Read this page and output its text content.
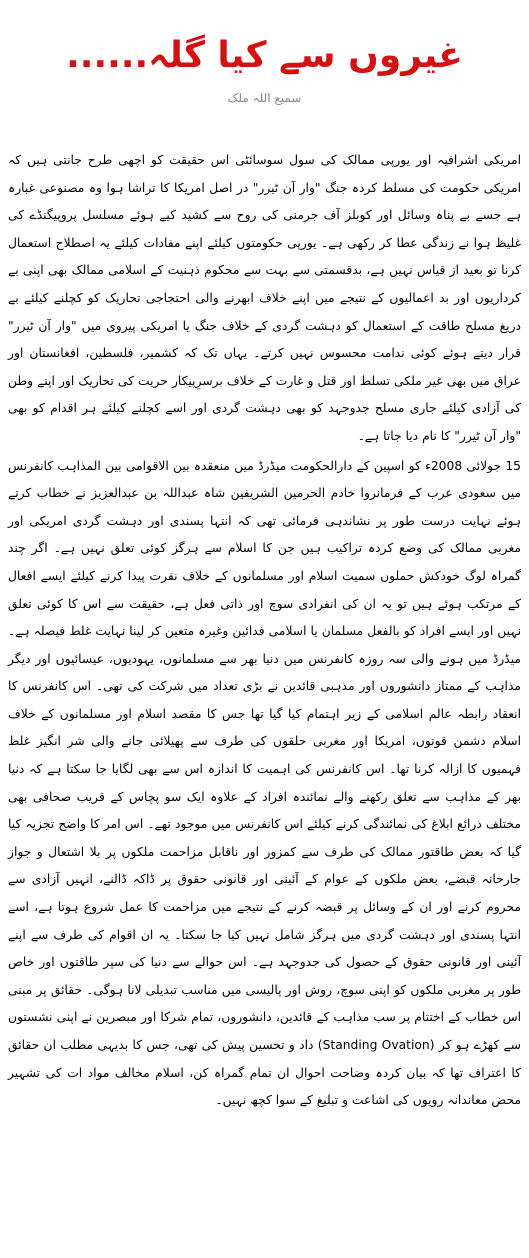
غیروں سے کیا گلہ......
سمیع اللہ ملک

امریکی اشرافیہ اور یورپی ممالک کی سول سوسائٹی اس حقیقت کو اچھی طرح جانتی ہیں کہ امریکی حکومت کی مسلط کردہ جنگ "وار آن ٹیرر" در اصل امریکا کا تراشا ہوا وہ مصنوعی غبارہ ہے جسے بے پناہ وسائل اور کوبلز آف جرمنی کی روح سے کشید کیے ہوئے مسلسل پروپیگنڈے کی غلیظ ہوا نے زندگی عطا کر رکھی ہے۔ یورپی حکومتوں کیلئے اپنے مفادات کیلئے یہ اصطلاح استعمال کرنا تو بعید از قیاس نہیں ہے، بدقسمتی سے بہت سے محکوم ذہنیت کے اسلامی ممالک بھی اپنی بے کرداریوں اور بد اعمالیوں کے نتیجے میں اپنے خلاف ابھرنے والی احتجاجی تحاریک کو کچلنے کیلئے بے دریغ مسلح طاقت کے استعمال کو دہشت گردی کے خلاف جنگ یا امریکی پیروی میں "وار آن ٹیرر" قرار دیتے ہوئے کوئی ندامت محسوس نہیں کرتے۔ یہاں تک کہ کشمیر، فلسطین، افغانستان اور عراق میں بھی غیر ملکی تسلط اور قتل و غارت کے خلاف برسرِپیکار حریت کی تحاریک اور اپنے وطن کی آزادی کیلئے جاری مسلح جدوجہد کو بھی دہشت گردی اور اسے کچلنے کیلئے ہر اقدام کو بھی "وار آن ٹیرر" کا نام دیا جاتا ہے۔

15 جولائی 2008ء کو اسپین کے دارالحکومت میڈرڈ میں منعقدہ بین الاقوامی بین المذاہب کانفرنس میں سعودی عرب کے فرمانروا خادم الحرمین الشریفین شاہ عبداللہ بن عبدالعزیز نے خطاب کرتے ہوئے نہایت درست طور پر نشاندہی فرمائی تھی کہ انتہا پسندی اور دہشت گردی امریکی اور مغربی ممالک کی وضع کردہ تراکیب ہیں جن کا اسلام سے ہرگز کوئی تعلق نہیں ہے۔ اگر چند گمراہ لوگ خودکش حملوں سمیت اسلام اور مسلمانوں کے خلاف نفرت پیدا کرنے کیلئے ایسے افعال کے مرتکب ہوئے ہیں تو یہ ان کی انفرادی سوچ اور ذاتی فعل ہے، حقیقت سے اس کا کوئی تعلق نہیں اور ایسے افراد کو بالفعل مسلمان یا اسلامی فدائین وغیرہ متعین کر لینا نہایت غلط فیصلہ ہے۔ میڈرڈ میں ہونے والی سہ روزہ کانفرنس میں دنیا بھر سے مسلمانوں، یہودیوں، عیسائیوں اور دیگر مذاہب کے ممتاز دانشوروں اور مذہبی قائدین نے بڑی تعداد میں شرکت کی تھی۔ اس کانفرنس کا انعقاد رابطہ عالم اسلامی کے زیر اہتمام کیا گیا تھا جس کا مقصد اسلام اور مسلمانوں کے خلاف اسلام دشمن قوتوں، امریکا اور مغربی حلقوں کی طرف سے پھیلائی جانے والی شر انگیز غلط فہمیوں کا ازالہ کرنا تھا۔ اس کانفرنس کی اہمیت کا اندازہ اس سے بھی لگایا جا سکتا ہے کہ دنیا بھر کے مذاہب سے تعلق رکھنے والے نمائندہ افراد کے علاوہ ایک سو پچاس کے قریب صحافی بھی مختلف ذرائع ابلاغ کی نمائندگی کرنے کیلئے اس کانفرنس میں موجود تھے۔ اس امر کا واضح تجزیہ کیا گیا کہ بعض طاقتور ممالک کی طرف سے کمزور اور ناقابل مزاحمت ملکوں پر بلا اشتعال و جواز جارحانہ قبضے، بعض ملکوں کے عوام کے آئینی اور قانونی حقوق پر ڈاکہ ڈالنے، انہیں آزادی سے محروم کرنے اور ان کے وسائل پر قبضہ کرنے کے نتیجے میں مزاحمت کا عمل شروع ہوتا ہے، اسے انتہا پسندی اور دہشت گردی میں ہرگز شامل نہیں کیا جا سکتا۔ یہ ان اقوام کی طرف سے اپنے آئینی اور قانونی حقوق کے حصول کی جدوجہد ہے۔ اس حوالے سے دنیا کی سپر طاقتوں اور خاص طور پر مغربی ملکوں کو اپنی سوچ، روش اور پالیسی میں مناسب تبدیلی لانا ہوگی۔ حقائق پر مبنی اس خطاب کے اختتام پر سب مذاہب کے قائدین، دانشوروں، تمام شرکا اور مبصرین نے اپنی نشستوں سے کھڑے ہو کر (Standing Ovation) داد و تحسین پیش کی تھی، جس کا بدیہی مطلب ان حقائق کا اعتراف تھا کہ بیان کردہ وضاحت احوال ان تمام گمراہ کن، اسلام مخالف مواد ات کی تشہیر محض معاندانہ رویوں کی اشاعت و تبلیغ کے سوا کچھ نہیں۔
